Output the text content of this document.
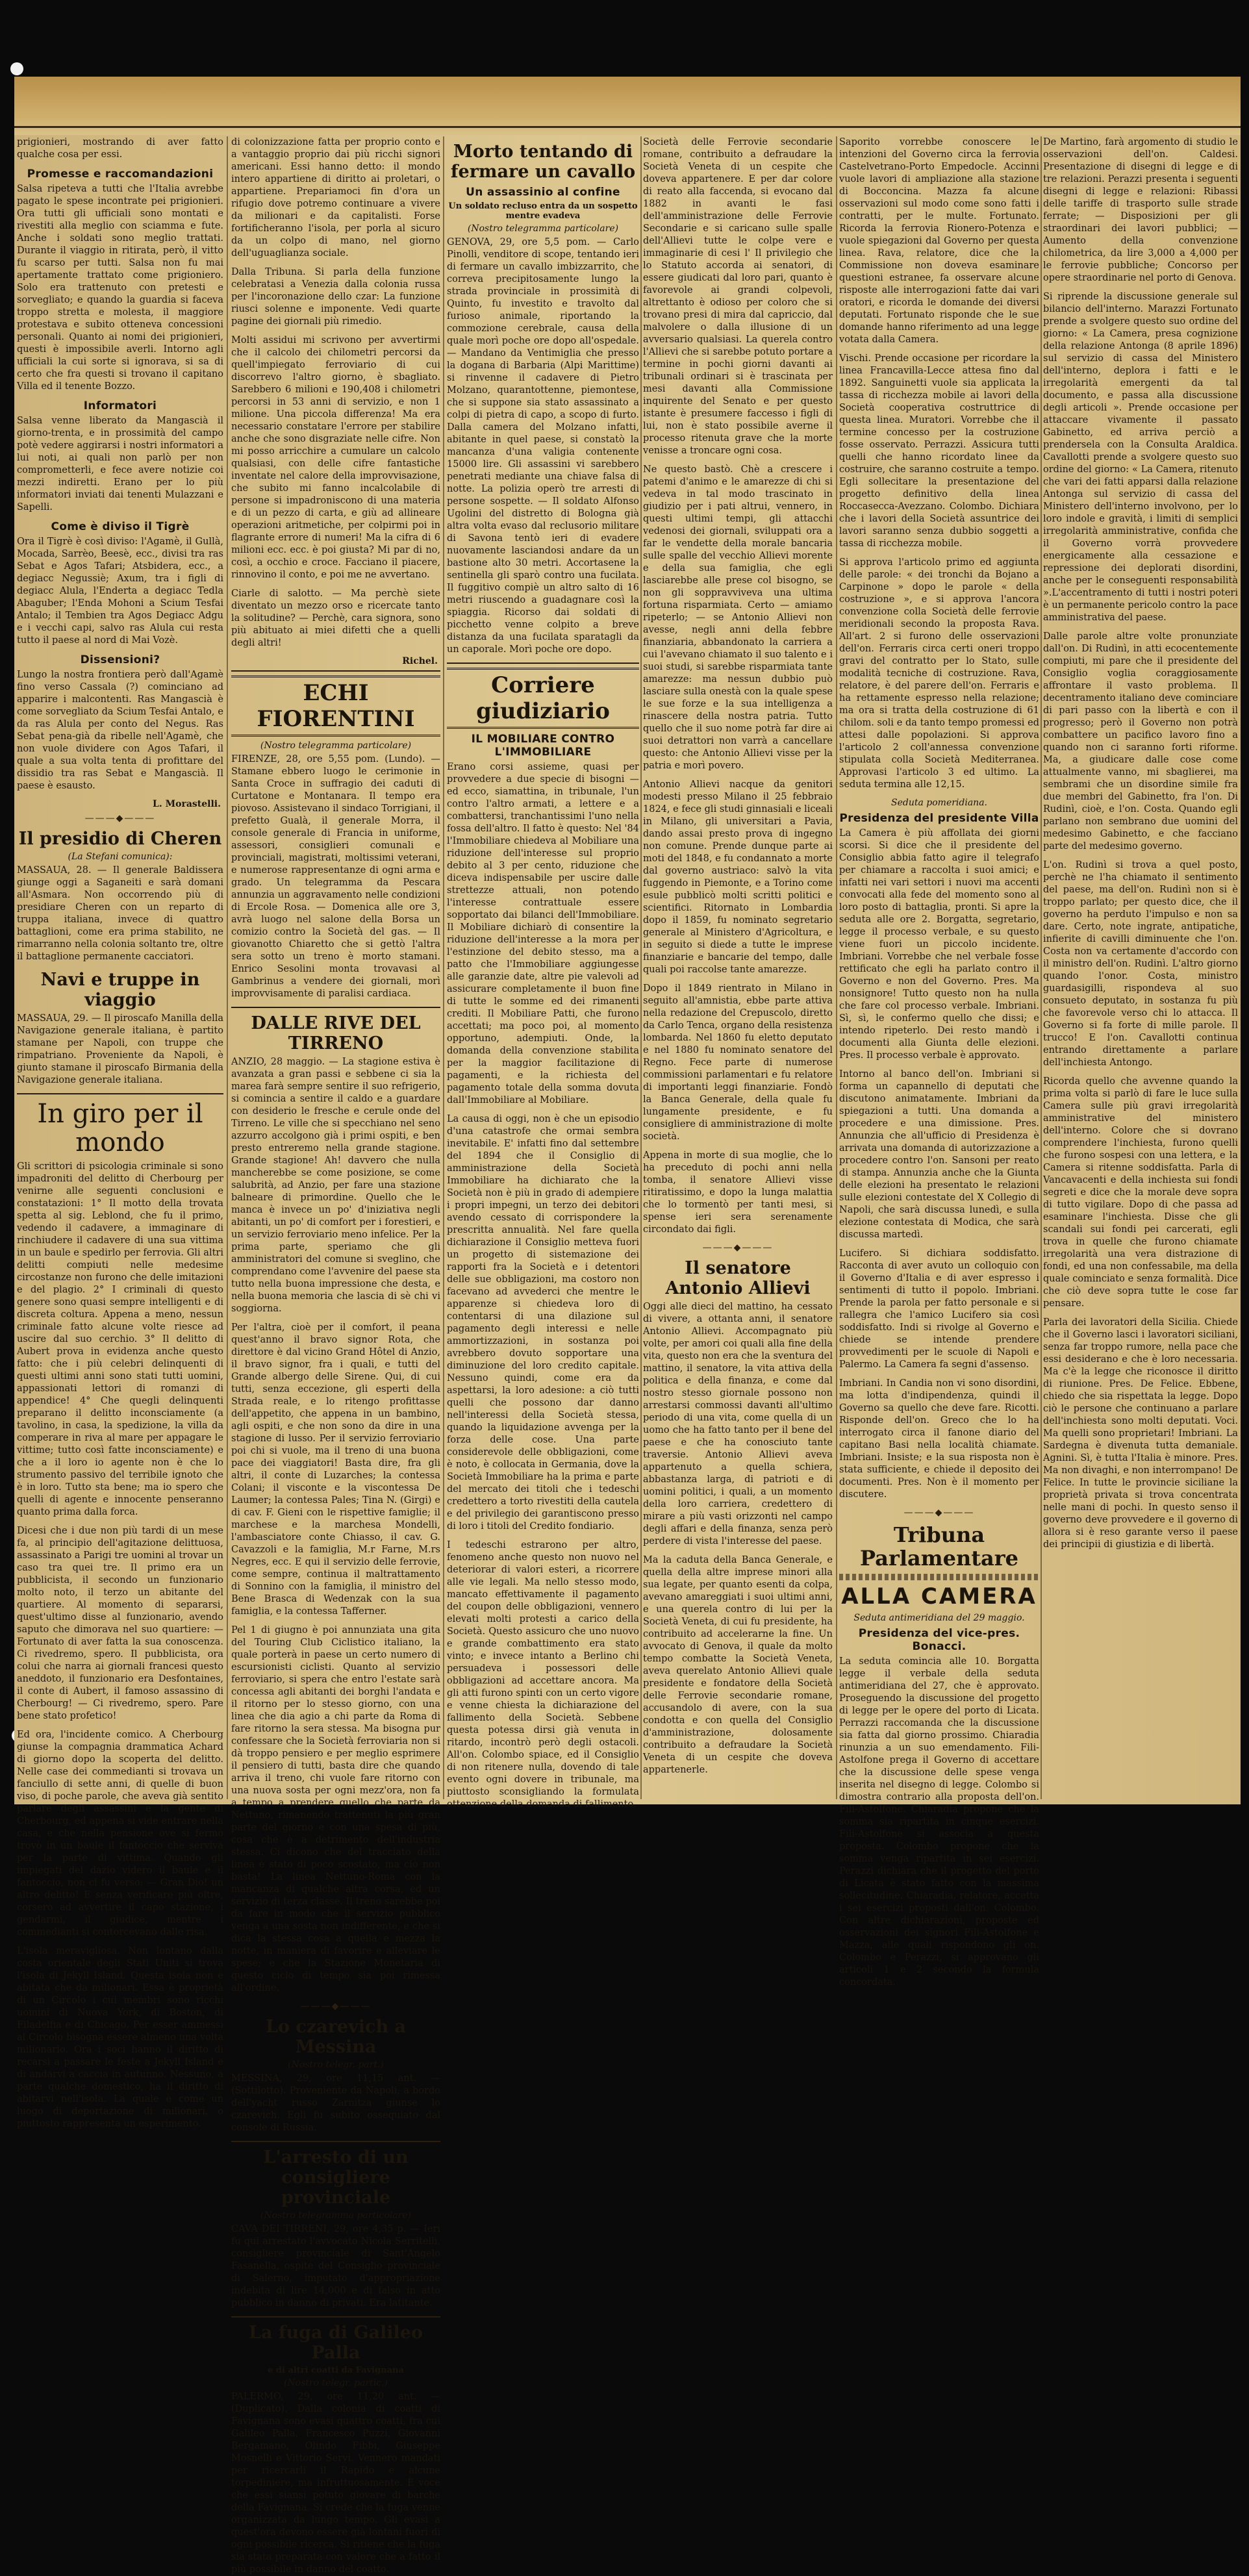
prigionieri, mostrando di aver fatto qualche cosa per essi.
Promesse e raccomandazioni
Salsa ripeteva a tutti che l'Italia avrebbe pagato le spese incontrate pei prigionieri. Ora tutti gli ufficiali sono montati e rivestiti alla meglio con sciamma e fute. Anche i soldati sono meglio trattati. Durante il viaggio in ritirata, però, il vitto fu scarso per tutti. Salsa non fu mai apertamente trattato come prigioniero. Solo era trattenuto con pretesti e sorvegliato; e quando la guardia si faceva troppo stretta e molesta, il maggiore protestava e subito otteneva concessioni personali. Quanto ai nomi dei prigionieri, questi è impossibile averli. Intorno agli ufficiali la cui sorte si ignorava, si sa di certo che fra questi si trovano il capitano Villa ed il tenente Bozzo.
Informatori
Salsa venne liberato da Mangascià il giorno-trenta, e in prossimità del campo potè vedere aggirarsi i nostri informatori a lui noti, ai quali non parlò per non comprometterli, e fece avere notizie coi mezzi indiretti. Erano per lo più informatori inviati dai tenenti Mulazzani e Sapelli.
Come è diviso il Tigrè
Ora il Tigrè è così diviso: l'Agamè, il Gullà, Mocada, Sarrèo, Beesè, ecc., divisi tra ras Sebat e Agos Tafari; Atsbidera, ecc., a degiacc Negussiè; Axum, tra i figli di degiacc Alula, l'Enderta a degiacc Tedla Abaguber; l'Enda Mohoni a Scium Tesfai Antalo; il Tembien tra Agos Degiacc Adgu e i vecchi capi, salvo ras Alula cui resta tutto il paese al nord di Mai Vozè.
Dissensioni?
Lungo la nostra frontiera però dall'Agamè fino verso Cassala (?) cominciano ad apparire i malcontenti. Ras Mangascià è come sorvegliato da Scium Tesfai Antalo, e da ras Alula per conto del Negus. Ras Sebat pena-già da ribelle nell'Agamè, che non vuole dividere con Agos Tafari, il quale a sua volta tenta di profittare del dissidio tra ras Sebat e Mangascià. Il paese è esausto.
L. Morastelli.
———◆———
Il presidio di Cheren
(La Stefani comunica):
MASSAUA, 28. — Il generale Baldissera giunge oggi a Saganeiti e sarà domani all'Asmara. Non occorrendo più di presidiare Cheren con un reparto di truppa italiana, invece di quattro battaglioni, come era prima stabilito, ne rimarranno nella colonia soltanto tre, oltre il battaglione permanente cacciatori.
Navi e truppe in viaggio
MASSAUA, 29. — Il piroscafo Manilla della Navigazione generale italiana, è partito stamane per Napoli, con truppe che rimpatriano. Proveniente da Napoli, è giunto stamane il piroscafo Birmania della Navigazione generale italiana.
In giro per il mondo
Gli scrittori di psicologia criminale si sono impadroniti del delitto di Cherbourg per venirne alle seguenti conclusioni e constatazioni: 1° Il motto della trovata spetta al sig. Leblond, che fu il primo, vedendo il cadavere, a immaginare di rinchiudere il cadavere di una sua vittima in un baule e spedirlo per ferrovia. Gli altri delitti compiuti nelle medesime circostanze non furono che delle imitazioni e del plagio. 2° I criminali di questo genere sono quasi sempre intelligenti e di discreta coltura. Appena a meno, nessun criminale fatto alcune volte riesce ad uscire dal suo cerchio. 3° Il delitto di Aubert prova in evidenza anche questo fatto: che i più celebri delinquenti di questi ultimi anni sono stati tutti uomini, appassionati lettori di romanzi di appendice! 4° Che quegli delinquenti preparano il delitto inconsciamente (a tavolino, in casa, la spedizione, la villa da comperare in riva al mare per appagare le vittime; tutto così fatte inconsciamente) e che a il loro io agente non è che lo strumento passivo del terribile ignoto che è in loro. Tutto sta bene; ma io spero che quelli di agente e innocente penseranno quanto prima dalla forca.
Dicesi che i due non più tardi di un mese fa, al principio dell'agitazione delittuosa, assassinato a Parigi tre uomini al trovar un caso tra quei tre. Il primo era un pubblicista, il secondo un funzionario molto noto, il terzo un abitante del quartiere. Al momento di separarsi, quest'ultimo disse al funzionario, avendo saputo che dimorava nel suo quartiere: — Fortunato di aver fatta la sua conoscenza. Ci rivedremo, spero. Il pubblicista, ora colui che narra ai giornali francesi questo aneddoto, il funzionario era Desfontaines, il conte di Aubert, il famoso assassino di Cherbourg! — Ci rivedremo, spero. Pare bene stato profetico!
Ed ora, l'incidente comico. A Cherbourg giunse la compagnia drammatica Achard di giorno dopo la scoperta del delitto. Nelle case dei commedianti si trovava un fanciullo di sette anni, di quelle di buon viso, di poche parole, che aveva già sentito parlare degli assassini e la gente di Cherbourg, ed appena si vide entrare nella casa, e che nella pensione ove si fermò trovò in un baule il fantoccio che serviva per la parte di vittima. Quando gli impiegati del dazio videro il baule e il fantoccio, non ci fu verso: — Gran Dio! un altro delitto! E senza verificare più oltre, corsero ad avvertire il capo stazione, i gendarmi, il giudice, mentre i commedianti si contorcevano dalle risa.
L'isola meravigliosa. Non lontano dalla costa orientale degli Stati Uniti si trova l'isola di Jekyll Island. Questa isola non è abitata che da milionari. Essa è proprietà di un Circolo i cui membri sono ricchi uomini di Nuova York, di Boston, di Filadelfia e di Chicago. Per esser ammessi al Circolo bisogna essere almeno una volta milionario. Ora i soci hanno il diritto di recarsi a passare le feste a Jekyll Island e di andarvi a caccia in autunno. Nessuno, a parte qualche domestico, ha il diritto di abitarvi nell'isola. La quale è come un luogo di deportazione di milionari, o piuttosto rappresenta un esperimento.
di colonizzazione fatta per proprio conto e a vantaggio proprio dai più ricchi signori americani. Essi hanno detto: il mondo intero appartiene di diritto ai proletari, o appartiene. Prepariamoci fin d'ora un rifugio dove potremo continuare a vivere da milionari e da capitalisti. Forse fortificheranno l'isola, per porla al sicuro da un colpo di mano, nel giorno dell'uguaglianza sociale.
Dalla Tribuna. Si parla della funzione celebratasi a Venezia dalla colonia russa per l'incoronazione dello czar: La funzione riusci solenne e imponente. Vedi quarte pagine dei giornali più rimedio.
Molti assidui mi scrivono per avvertirmi che il calcolo dei chilometri percorsi da quell'impiegato ferroviario di cui discorrevo l'altro giorno, è sbagliato. Sarebbero 6 milioni e 190,408 i chilometri percorsi in 53 anni di servizio, e non 1 milione. Una piccola differenza! Ma era necessario constatare l'errore per stabilire anche che sono disgraziate nelle cifre. Non mi posso arricchire a cumulare un calcolo qualsiasi, con delle cifre fantastiche inventate nel calore della improvvisazione, che subito mi fanno incalcolabile di persone si impadroniscono di una materia e di un pezzo di carta, e giù ad allineare operazioni aritmetiche, per colpirmi poi in flagrante errore di numeri! Ma la cifra di 6 milioni ecc. ecc. è poi giusta? Mi par di no, così, a occhio e croce. Facciano il piacere, rinnovino il conto, e poi me ne avvertano.
Ciarle di salotto. — Ma perchè siete diventato un mezzo orso e ricercate tanto la solitudine? — Perchè, cara signora, sono più abituato ai miei difetti che a quelli degli altri!
Richel.
ECHI FIORENTINI
(Nostro telegramma particolare)
FIRENZE, 28, ore 5,55 pom. (Lundo). — Stamane ebbero luogo le cerimonie in Santa Croce in suffragio dei caduti di Curtatone e Montanara. Il tempo era piovoso. Assistevano il sindaco Torrigiani, il prefetto Gualà, il generale Morra, il console generale di Francia in uniforme, assessori, consiglieri comunali e provinciali, magistrati, moltissimi veterani, e numerose rappresentanze di ogni arma e grado. Un telegramma da Pescara annunzia un aggravamento nelle condizioni di Ercole Rosa. — Domenica alle ore 3, avrà luogo nel salone della Borsa un comizio contro la Società del gas. — Il giovanotto Chiaretto che si gettò l'altra sera sotto un treno è morto stamani. Enrico Sesolini monta trovavasi al Gambrinus a vendere dei giornali, morì improvvisamente di paralisi cardiaca.
DALLE RIVE DEL TIRRENO
ANZIO, 28 maggio. — La stagione estiva è avanzata a gran passi e sebbene ci sia la marea farà sempre sentire il suo refrigerio, si comincia a sentire il caldo e a guardare con desiderio le fresche e cerule onde del Tirreno. Le ville che si specchiano nel seno azzurro accolgono già i primi ospiti, e ben presto entreremo nella grande stagione. Grande stagione! Ah! davvero che nulla mancherebbe se come posizione, se come salubrità, ad Anzio, per fare una stazione balneare di primordine. Quello che le manca è invece un po' d'iniziativa negli abitanti, un po' di comfort per i forestieri, e un servizio ferroviario meno infelice. Per la prima parte, speriamo che gli amministratori del comune si sveglino, che comprendano come l'avvenire del paese sta tutto nella buona impressione che desta, e nella buona memoria che lascia di sè chi vi soggiorna.
Per l'altra, cioè per il comfort, il peana quest'anno il bravo signor Rota, che direttore è dal vicino Grand Hôtel di Anzio, il bravo signor, fra i quali, e tutti del Grande albergo delle Sirene. Qui, di cui tutti, senza eccezione, gli esperti della Strada reale, e lo ritengo profittasse dell'appetito, che appena in un bambino, agli ospiti, e che non sono da dire in una stagione di lusso. Per il servizio ferroviario poi chi si vuole, ma il treno di una buona pace dei viaggiatori! Basta dire, fra gli altri, il conte di Luzarches; la contessa Colani; il visconte e la viscontessa De Laumer; la contessa Pales; Tina N. (Girgi) e di cav. F. Gieni con le rispettive famiglie; il marchese e la marchesa Mondelli, l'ambasciatore conte Chiasso, il cav. G. Cavazzoli e la famiglia, M.r Farne, M.rs Negres, ecc. E qui il servizio delle ferrovie, come sempre, continua il maltrattamento di Sonnino con la famiglia, il ministro del Bene Brasca di Wedenzak con la sua famiglia, e la contessa Tafferner.
Pel 1 di giugno è poi annunziata una gita del Touring Club Ciclistico italiano, la quale porterà in paese un certo numero di escursionisti ciclisti. Quanto al servizio ferroviario, si spera che entro l'estate sarà concessa agli abitanti dei borghi l'andata e il ritorno per lo stesso giorno, con una linea che dia agio a chi parte da Roma di fare ritorno la sera stessa. Ma bisogna pur confessare che la Società ferroviaria non si dà troppo pensiero e per meglio esprimere il pensiero di tutti, basta dire che quando arriva il treno, chi vuole fare ritorno con una nuova sosta per ogni mezz'ora, non fa a tempo a prendere quello che parte da Nettuno, rimanendo trattenuti la più gran parte del giorno e con una spesa di più, cosa che è a detrimento dell'industria stessa. Ci dicono che del tracciato della linea è stato di poco scostato, ma ciò non basta! La linea Nettuno-Roma con la mancanza di qualche altra corsa, ed un servizio di terza classe. Il treno sarebbe poi da fare in modo che il servizio pubblico venga a una sosta non indifferente, e che si dica la stessa cosa a quella e mezza la notte, in maniera di favorire e alleviare le spese; e che la Stazione Monetaria di questo ciclo di tempo sia poi rimessa all'ordine.
———◆———
Lo czarevich a Messina
(Nostro telegr. part.)
MESSINA, 29, ore 11,15 ant. — (Sottilotto). Proveniente da Napoli, a bordo dell'yacht russo Zarnitza giunse lo czarevich. Egli fu subito ossequiato dal console di Russia.
L'arresto di un consigliere provinciale
(Nostro telegramma particolare)
CAVA DEI TIRRENI, 29, ore 4,35 p. — Ieri fu qui arrestato l'avvocato Nicola Serritelli, consigliere provinciale di Sant'Angelo Fasanella, ospite del Consiglio provinciale di Salerno, imputato d'appropriazione indebita di lire 14,000 e di falso in atto pubblico in danno di privati. Era latitante.
La fuga di Galileo Palla
e di altri coatti da Favignana
(Nostro telegr. partic.)
PALERMO, 29, ore 11,20 ant. — (Duplicato). Dalla colonia di coatti di Favignana sono evasi quattro coatti, fra cui Galileo Palla, Francesco Puzzi, Giovanni Bergamano, Olindo Fibbi, Giuseppe Mosnelli e Vittorio Servi. Vennero mandati per ricercarli il Rapido e alcune torpediniere, ma infruttuosamente. È voce che essi siansi potuto giovare di barche della Favignana. Si crede che la fuga venne organizzata da lungo tempo. Gli evasi a quest'ora devono essere già lontani fuori di ogni possibile ricerca. Si ritiene che la fuga sia stata preparata con valore che a fatto il più possibile in danno del coatto.
Morto tentando di fermare un cavallo
Un assassinio al confine
Un soldato recluso entra da un sospetto mentre evadeva
(Nostro telegramma particolare)
GENOVA, 29, ore 5,5 pom. — Carlo Pinolli, venditore di scope, tentando ieri di fermare un cavallo imbizzarrito, che correva precipitosamente lungo la strada provinciale in prossimità di Quinto, fu investito e travolto dal furioso animale, riportando la commozione cerebrale, causa della quale morì poche ore dopo all'ospedale. — Mandano da Ventimiglia che presso la dogana di Barbaria (Alpi Marittime) si rinvenne il cadavere di Pietro Molzano, quarantottenne, piemontese, che si suppone sia stato assassinato a colpi di pietra di capo, a scopo di furto. Dalla camera del Molzano infatti, abitante in quel paese, si constatò la mancanza d'una valigia contenente 15000 lire. Gli assassini vi sarebbero penetrati mediante una chiave falsa di notte. La polizia operò tre arresti di persone sospette. — Il soldato Alfonso Ugolini del distretto di Bologna già altra volta evaso dal reclusorio militare di Savona tentò ieri di evadere nuovamente lasciandosi andare da un bastione alto 30 metri. Accortasene la sentinella gli sparò contro una fucilata. Il fuggitivo compiè un altro salto di 16 metri riuscendo a guadagnare così la spiaggia. Ricorso dai soldati di picchetto venne colpito a breve distanza da una fucilata sparatagli da un caporale. Morì poche ore dopo.
Corriere giudiziario
IL MOBILIARE CONTRO L'IMMOBILIARE
Erano corsi assieme, quasi per provvedere a due specie di bisogni — ed ecco, siamattina, in tribunale, l'un contro l'altro armati, a lettere e a combattersi, tranchantissimi l'uno nella fossa dell'altro. Il fatto è questo: Nel '84 l'Immobiliare chiedeva al Mobiliare una riduzione dell'interesse sul proprio debito al 3 per cento, riduzione che diceva indispensabile per uscire dalle strettezze attuali, non potendo l'interesse contrattuale essere sopportato dai bilanci dell'Immobiliare. Il Mobiliare dichiarò di consentire la riduzione dell'interesse a la mora per l'estinzione del debito stesso, ma a patto che l'Immobiliare aggiungesse alle garanzie date, altre pie valevoli ad assicurare completamente il buon fine di tutte le somme ed dei rimanenti crediti. Il Mobiliare Patti, che furono accettati; ma poco poi, al momento opportuno, adempiuti. Onde, la domanda della convenzione stabilita per la maggior facilitazione di pagamenti, e la richiesta del pagamento totale della somma dovuta dall'Immobiliare al Mobiliare.
La causa di oggi, non è che un episodio d'una catastrofe che ormai sembra inevitabile. E' infatti fino dal settembre del 1894 che il Consiglio di amministrazione della Società Immobiliare ha dichiarato che la Società non è più in grado di adempiere i propri impegni, un terzo dei debitori avendo cessato di corrispondere la prescritta annualità. Nel fare quella dichiarazione il Consiglio metteva fuori un progetto di sistemazione dei rapporti fra la Società e i detentori delle sue obbligazioni, ma costoro non facevano ad avvederci che mentre le apparenze si chiedeva loro di contentarsi di una dilazione sul pagamento degli interessi e nelle ammortizzazioni, in sostanza poi avrebbero dovuto sopportare una diminuzione del loro credito capitale. Nessuno quindi, come era da aspettarsi, la loro adesione: a ciò tutti quelli che possono dar danno nell'interessi della Società stessa, quando la liquidazione avvenga per la forza delle cose. Una parte considerevole delle obbligazioni, come è noto, è collocata in Germania, dove la Società Immobiliare ha la prima e parte del mercato dei titoli che i tedeschi credettero a torto rivestiti della cautela e del privilegio dei garantiscono presso di loro i titoli del Credito fondiario.
I tedeschi estrarono per altro, fenomeno anche questo non nuovo nel deteriorar di valori esteri, a ricorrere alle vie legali. Ma nello stesso modo, mancato effettivamente il pagamento del coupon delle obbligazioni, vennero elevati molti protesti a carico della Società. Questo assicuro che uno nuovo e grande combattimento era stato vinto; e invece intanto a Berlino chi persuadeva i possessori delle obbligazioni ad accettare ancora. Ma gli atti furono spinti con un certo vigore e venne chiesta la dichiarazione del fallimento della Società. Sebbene questa potessa dirsi già venuta in ritardo, incontrò però degli ostacoli. All'on. Colombo spiace, ed il Consiglio di non ritenere nulla, dovendo di tale evento ogni dovere in tribunale, ma piuttosto sconsigliando la formulata ottenzione della domanda di fallimento.
Società delle Ferrovie secondarie romane, contribuito a defraudare la Società Veneta di un cespite che doveva appartenere. E per dar colore di reato alla faccenda, si evocano dal 1882 in avanti le fasi dell'amministrazione delle Ferrovie Secondarie e si caricano sulle spalle dell'Allievi tutte le colpe vere e immaginarie di cesi l' Il privilegio che lo Statuto accorda ai senatori, di essere giudicati dal loro pari, quanto è favorevole ai grandi colpevoli, altrettanto è odioso per coloro che si trovano presi di mira dal capriccio, dal malvolere o dalla illusione di un avversario qualsiasi. La querela contro l'Allievi che si sarebbe potuto portare a termine in pochi giorni davanti ai tribunali ordinari si è trascinata per mesi davanti alla Commissione inquirente del Senato e per questo istante è presumere faccesso i figli di lui, non è stato possibile averne il processo ritenuta grave che la morte venisse a troncare ogni cosa.
Ne questo bastò. Chè a crescere i patemi d'animo e le amarezze di chi si vedeva in tal modo trascinato in giudizio per i pati altrui, vennero, in questi ultimi tempi, gli attacchi vedenosi dei giornali, sviluppati ora a far le vendette della morale bancaria sulle spalle del vecchio Allievi morente e della sua famiglia, che egli lasciarebbe alle prese col bisogno, se non gli soppravviveva una ultima fortuna risparmiata. Certo — amiamo ripeterlo; — se Antonio Allievi non avesse, negli anni della febbre finanziaria, abbandonato la carriera a cui l'avevano chiamato il suo talento e i suoi studi, si sarebbe risparmiata tante amarezze: ma nessun dubbio può lasciare sulla onestà con la quale spese le sue forze e la sua intelligenza a rinascere della nostra patria. Tutto quello che il suo nome potrà far dire ai suoi detrattori non varrà a cancellare questo: che Antonio Allievi visse per la patria e morì povero.
Antonio Allievi nacque da genitori modesti presso Milano il 25 febbraio 1824, e fece gli studi ginnasiali e liceali in Milano, gli universitari a Pavia, dando assai presto prova di ingegno non comune. Prende dunque parte ai moti del 1848, e fu condannato a morte dal governo austriaco: salvò la vita fuggendo in Piemonte, e a Torino come esule pubblicò molti scritti politici e scientifici. Ritornato in Lombardia dopo il 1859, fu nominato segretario generale al Ministero d'Agricoltura, e in seguito si diede a tutte le imprese finanziarie e bancarie del tempo, dalle quali poi raccolse tante amarezze.
Dopo il 1849 rientrato in Milano in seguito all'amnistia, ebbe parte attiva nella redazione del Crepuscolo, diretto da Carlo Tenca, organo della resistenza lombarda. Nel 1860 fu eletto deputato e nel 1880 fu nominato senatore del Regno. Fece parte di numerose commissioni parlamentari e fu relatore di importanti leggi finanziarie. Fondò la Banca Generale, della quale fu lungamente presidente, e fu consigliere di amministrazione di molte società.
Appena in morte di sua moglie, che lo ha preceduto di pochi anni nella tomba, il senatore Allievi visse ritiratissimo, e dopo la lunga malattia che lo tormentò per tanti mesi, si spense ieri sera serenamente circondato dai figli.
———◆———
Il senatore Antonio Allievi
Oggi alle dieci del mattino, ha cessato di vivere, a ottanta anni, il senatore Antonio Allievi. Accompagnato più volte, per amori coi quali alla fine della vita, questo non era che la sventura del mattino, il senatore, la vita attiva della politica e della finanza, e come dal nostro stesso giornale possono non arrestarsi commossi davanti all'ultimo periodo di una vita, come quella di un uomo che ha fatto tanto per il bene del paese e che ha conosciuto tante traversie. Antonio Allievi aveva appartenuto a quella schiera, abbastanza larga, di patrioti e di uomini politici, i quali, a un momento della loro carriera, credettero di mirare a più vasti orizzonti nel campo degli affari e della finanza, senza però perdere di vista l'interesse del paese.
Ma la caduta della Banca Generale, e quella della altre imprese minori alla sua legate, per quanto esenti da colpa, avevano amareggiati i suoi ultimi anni, e una querela contro di lui per la Società Veneta, di cui fu presidente, ha contribuito ad accelerarne la fine. Un avvocato di Genova, il quale da molto tempo combatte la Società Veneta, aveva querelato Antonio Allievi quale presidente e fondatore della Società delle Ferrovie secondarie romane, accusandolo di avere, con la sua condotta e con quella del Consiglio d'amministrazione, dolosamente contribuito a defraudare la Società Veneta di un cespite che doveva appartenerle.
Saporito vorrebbe conoscere le intenzioni del Governo circa la ferrovia Castelvetrano-Porto Empedocle. Accinni vuole lavori di ampliazione alla stazione di Bocconcina. Mazza fa alcune osservazioni sul modo come sono fatti i contratti, per le multe. Fortunato. Ricorda la ferrovia Rionero-Potenza e vuole spiegazioni dal Governo per questa linea. Rava, relatore, dice che la Commissione non doveva esaminare questioni estranee, fa osservare alcune risposte alle interrogazioni fatte dai vari oratori, e ricorda le domande dei diversi deputati. Fortunato risponde che le sue domande hanno riferimento ad una legge votata dalla Camera.
Vischi. Prende occasione per ricordare la linea Francavilla-Lecce attesa fino dal 1892. Sanguinetti vuole sia applicata la tassa di ricchezza mobile ai lavori della Società cooperativa costruttrice di questa linea. Muratori. Vorrebbe che il termine concesso per la costruzione fosse osservato. Perrazzi. Assicura tutti quelli che hanno ricordato linee da costruire, che saranno costruite a tempo. Egli sollecitare la presentazione del progetto definitivo della linea Roccasecca-Avezzano. Colombo. Dichiara che i lavori della Società assuntrice dei lavori saranno senza dubbio soggetti a tassa di ricchezza mobile.
Si approva l'articolo primo ed aggiunta delle parole: « dei tronchi da Bojano a Carpinone » dopo le parole « della costruzione », e si approva l'ancora convenzione colla Società delle ferrovie meridionali secondo la proposta Rava. All'art. 2 si furono delle osservazioni dell'on. Ferraris circa certi oneri troppo gravi del contratto per lo Stato, sulle modalità tecniche di costruzione. Rava, relatore, è del parere dell'on. Ferraris e ha rettamente espresso nella relazione; ma ora si tratta della costruzione di 61 chilom. soli e da tanto tempo promessi ed attesi dalle popolazioni. Si approva l'articolo 2 coll'annessa convenzione stipulata colla Società Mediterranea. Approvasi l'articolo 3 ed ultimo. La seduta termina alle 12,15.
Seduta pomeridiana.
Presidenza del presidente Villa
La Camera è più affollata dei giorni scorsi. Si dice che il presidente del Consiglio abbia fatto agire il telegrafo per chiamare a raccolta i suoi amici; e infatti nei vari settori i nuovi ma accenti convocati alla fede del momento sono al loro posto di battaglia, pronti. Si apre la seduta alle ore 2. Borgatta, segretario, legge il processo verbale, e su questo viene fuori un piccolo incidente. Imbriani. Vorrebbe che nel verbale fosse rettificato che egli ha parlato contro il Governo e non del Governo. Pres. Ma nonsignore! Tutto questo non ha nulla che fare col processo verbale. Imbriani. Sì, sì, le confermo quello che dissi; e intendo ripeterlo. Dei resto mandò i documenti alla Giunta delle elezioni. Pres. Il processo verbale è approvato.
Intorno al banco dell'on. Imbriani si forma un capannello di deputati che discutono animatamente. Imbriani da spiegazioni a tutti. Una domanda a procedere e una dimissione. Pres. Annunzia che all'ufficio di Presidenza è arrivata una domanda di autorizzazione a procedere contro l'on. Sansoni per reato di stampa. Annunzia anche che la Giunta delle elezioni ha presentato le relazioni sulle elezioni contestate del X Collegio di Napoli, che sarà discussa lunedì, e sulla elezione contestata di Modica, che sarà discussa martedì.
Lucifero. Si dichiara soddisfatto. Racconta di aver avuto un colloquio con il Governo d'Italia e di aver espresso i sentimenti di tutto il popolo. Imbriani. Prende la parola per fatto personale e si rallegra che l'amico Lucifero sia così soddisfatto. Indi si rivolge al Governo e chiede se intende prendere provvedimenti per le scuole di Napoli e Palermo. La Camera fa segni d'assenso.
Imbriani. In Candia non vi sono disordini, ma lotta d'indipendenza, quindi il Governo sa quello che deve fare. Ricotti. Risponde dell'on. Greco che lo ha interrogato circa il fanone diario del capitano Basi nella località chiamate. Imbriani. Insiste; e la sua risposta non è stata sufficiente, e chiede il deposito dei documenti. Pres. Non è il momento per discutere.
———◆———
Tribuna Parlamentare
ALLA CAMERA
Seduta antimeridiana del 29 maggio.
Presidenza del vice-pres. Bonacci.
La seduta comincia alle 10. Borgatta legge il verbale della seduta antimeridiana del 27, che è approvato. Proseguendo la discussione del progetto di legge per le opere del porto di Licata. Perrazzi raccomanda che la discussione sia fatta dal giorno prossimo. Chiaradia rinunzia a un suo emendamento. Fili-Astolfone prega il Governo di accettare che la discussione delle spese venga inserita nel disegno di legge. Colombo si dimostra contrario alla proposta dell'on. Fili-Astolfone. Chiaradia propone che la somma sia ripartita in cinque esercizi. Fili-Astolfone si associa a questa proposta. Colombo propone che la somma venga ripartita in sei esercizi. Perazzi dichiara che il progetto del porto di Licata è stato fatto con la massima sollecitudine. Chiaradia, relatore, accetta i sei esercizi proposti dall'on. Colombo. Con altre dichiarazioni, proposte ed osservazioni dei signori Fili-Astolfone e Mazza, alle quali rispondono gli on. Colombo e Perazzi, si approvano gli articoli 1 e 2 secondo la formula concordata.
De Martino, farà argomento di studio le osservazioni dell'on. Caldesi. Presentazione di disegni di legge e di tre relazioni. Perazzi presenta i seguenti disegni di legge e relazioni: Ribassi delle tariffe di trasporto sulle strade ferrate; — Disposizioni per gli straordinari dei lavori pubblici; — Aumento della convenzione chilometrica, da lire 3,000 a 4,000 per le ferrovie pubbliche; Concorso per opere straordinarie nel porto di Genova.
Si riprende la discussione generale sul bilancio dell'interno. Marazzi Fortunato prende a svolgere questo suo ordine del giorno: « La Camera, presa cognizione della relazione Antonga (8 aprile 1896) sul servizio di cassa del Ministero dell'interno, deplora i fatti e le irregolarità emergenti da tal documento, e passa alla discussione degli articoli ». Prende occasione per attaccare vivamente il passato Gabinetto, ed arriva perciò a prendersela con la Consulta Araldica. Cavallotti prende a svolgere questo suo ordine del giorno: « La Camera, ritenuto che vari dei fatti apparsi dalla relazione Antonga sul servizio di cassa del Ministero dell'interno involvono, per lo loro indole e gravità, i limiti di semplici irregolarità amministrative, confida che il Governo vorrà provvedere energicamente alla cessazione e repressione dei deplorati disordini, anche per le conseguenti responsabilità ».L'accentramento di tutti i nostri poteri è un permanente pericolo contro la pace amministrativa del paese.
Dalle parole altre volte pronunziate dall'on. Di Rudinì, in atti ecocentemente compiuti, mi pare che il presidente del Consiglio voglia coraggiosamente affrontare il vasto problema. Il decentramento italiano deve cominciare di pari passo con la libertà e con il progresso; però il Governo non potrà combattere un pacifico lavoro fino a quando non ci saranno forti riforme. Ma, a giudicare dalle cose come attualmente vanno, mi sbaglierei, ma sembrami che un disordine simile fra due membri del Gabinetto, fra l'on. Di Rudinì, cioè, e l'on. Costa. Quando egli parlano non sembrano due uomini del medesimo Gabinetto, e che facciano parte del medesimo governo.
L'on. Rudinì si trova a quel posto, perchè ne l'ha chiamato il sentimento del paese, ma dell'on. Rudinì non si è troppo parlato; per questo dice, che il governo ha perduto l'impulso e non sa dare. Certo, note ingrate, antipatiche, infierite di cavilli diminuente che l'on. Costa non va certamente d'accordo con il ministro dell'on. Rudinì. L'altro giorno quando l'onor. Costa, ministro guardasigilli, rispondeva al suo consueto deputato, in sostanza fu più che favorevole verso chi lo attacca. Il Governo si fa forte di mille parole. Il trucco! E l'on. Cavallotti continua entrando direttamente a parlare dell'inchiesta Antongo.
Ricorda quello che avvenne quando la prima volta si parlò di fare le luce sulla Camera sulle più gravi irregolarità amministrative del ministero dell'interno. Colore che si dovrano comprendere l'inchiesta, furono quelli che furono sospesi con una lettera, e la Camera si ritenne soddisfatta. Parla di Vancavacenti e della inchiesta sui fondi segreti e dice che la morale deve sopra di tutto vigilare. Dopo di che passa ad esaminare l'inchiesta. Disse che gli scandali sui fondi pei carcerati, egli trova in quelle che furono chiamate irregolarità una vera distrazione di fondi, ed una non confessabile, ma della quale cominciato e senza formalità. Dice che ciò deve sopra tutte le cose far pensare.
Parla dei lavoratori della Sicilia. Chiede che il Governo lasci i lavoratori siciliani, senza far troppo rumore, nella pace che essi desiderano e che è loro necessaria. Ma c'è la legge che riconosce il diritto di riunione. Pres. De Felice. Ebbene, chiedo che sia rispettata la legge. Dopo ciò le persone che continuano a parlare dell'inchiesta sono molti deputati. Voci. Ma quelli sono proprietari! Imbriani. La Sardegna è divenuta tutta demaniale. Agnini. Sì, è tutta l'Italia è minore. Pres. Ma non divaghi, e non interrompano! De Felice. In tutte le provincie siciliane la proprietà privata si trova concentrata nelle mani di pochi. In questo senso il governo deve provvedere e il governo di allora si è reso garante verso il paese dei principii di giustizia e di libertà.
